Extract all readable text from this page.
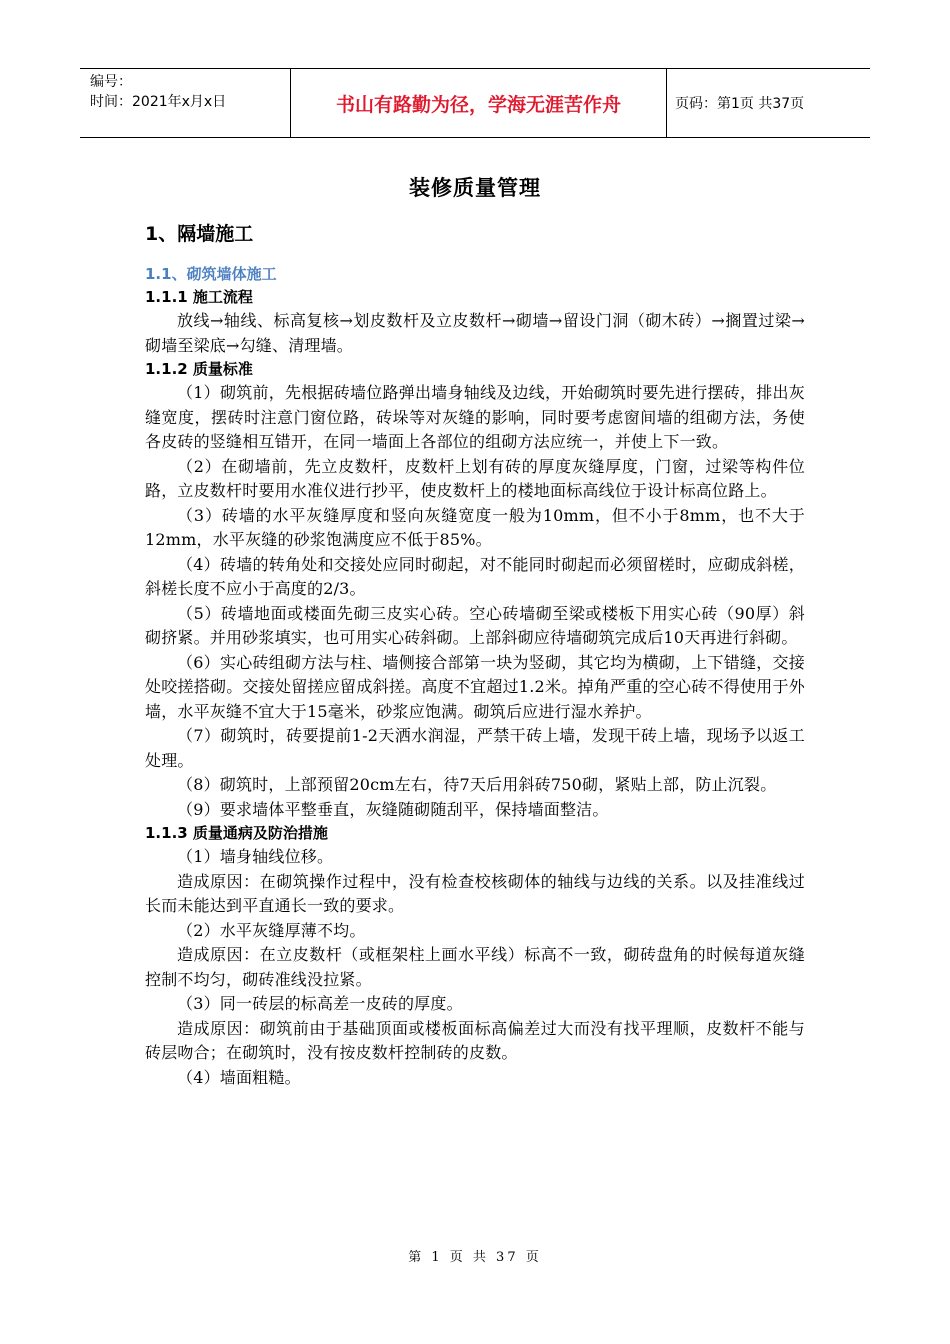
编号：
时间：2021年x月x日	书山有路勤为径，学海无涯苦作舟	页码：第1页 共37页
装修质量管理
1、隔墙施工
1.1、砌筑墙体施工
1.1.1 施工流程
放线→轴线、标高复核→划皮数杆及立皮数杆→砌墙→留设门洞（砌木砖）→搁置过梁→砌墙至梁底→勾缝、清理墙。
1.1.2 质量标准
（1）砌筑前，先根据砖墙位路弹出墙身轴线及边线，开始砌筑时要先进行摆砖，排出灰缝宽度，摆砖时注意门窗位路，砖垛等对灰缝的影响，同时要考虑窗间墙的组砌方法，务使各皮砖的竖缝相互错开，在同一墙面上各部位的组砌方法应统一，并使上下一致。
（2）在砌墙前，先立皮数杆，皮数杆上划有砖的厚度灰缝厚度，门窗，过梁等构件位路，立皮数杆时要用水准仪进行抄平，使皮数杆上的楼地面标高线位于设计标高位路上。
（3）砖墙的水平灰缝厚度和竖向灰缝宽度一般为10mm，但不小于8mm，也不大于12mm，水平灰缝的砂浆饱满度应不低于85%。
（4）砖墙的转角处和交接处应同时砌起，对不能同时砌起而必须留槎时，应砌成斜槎，斜槎长度不应小于高度的2/3。
（5）砖墙地面或楼面先砌三皮实心砖。空心砖墙砌至梁或楼板下用实心砖（90厚）斜砌挤紧。并用砂浆填实，也可用实心砖斜砌。上部斜砌应待墙砌筑完成后10天再进行斜砌。
（6）实心砖组砌方法与柱、墙侧接合部第一块为竖砌，其它均为横砌，上下错缝，交接处咬搓搭砌。交接处留搓应留成斜搓。高度不宜超过1.2米。掉角严重的空心砖不得使用于外墙，水平灰缝不宜大于15毫米，砂浆应饱满。砌筑后应进行湿水养护。
（7）砌筑时，砖要提前1-2天洒水润湿，严禁干砖上墙，发现干砖上墙，现场予以返工处理。
（8）砌筑时，上部预留20cm左右，待7天后用斜砖750砌，紧贴上部，防止沉裂。
（9）要求墙体平整垂直，灰缝随砌随刮平，保持墙面整洁。
1.1.3 质量通病及防治措施
（1）墙身轴线位移。
造成原因：在砌筑操作过程中，没有检查校核砌体的轴线与边线的关系。以及挂准线过长而未能达到平直通长一致的要求。
（2）水平灰缝厚薄不均。
造成原因：在立皮数杆（或框架柱上画水平线）标高不一致，砌砖盘角的时候每道灰缝控制不均匀，砌砖准线没拉紧。
（3）同一砖层的标高差一皮砖的厚度。
造成原因：砌筑前由于基础顶面或楼板面标高偏差过大而没有找平理顺，皮数杆不能与砖层吻合；在砌筑时，没有按皮数杆控制砖的皮数。
（4）墙面粗糙。
第 1 页 共 37 页
